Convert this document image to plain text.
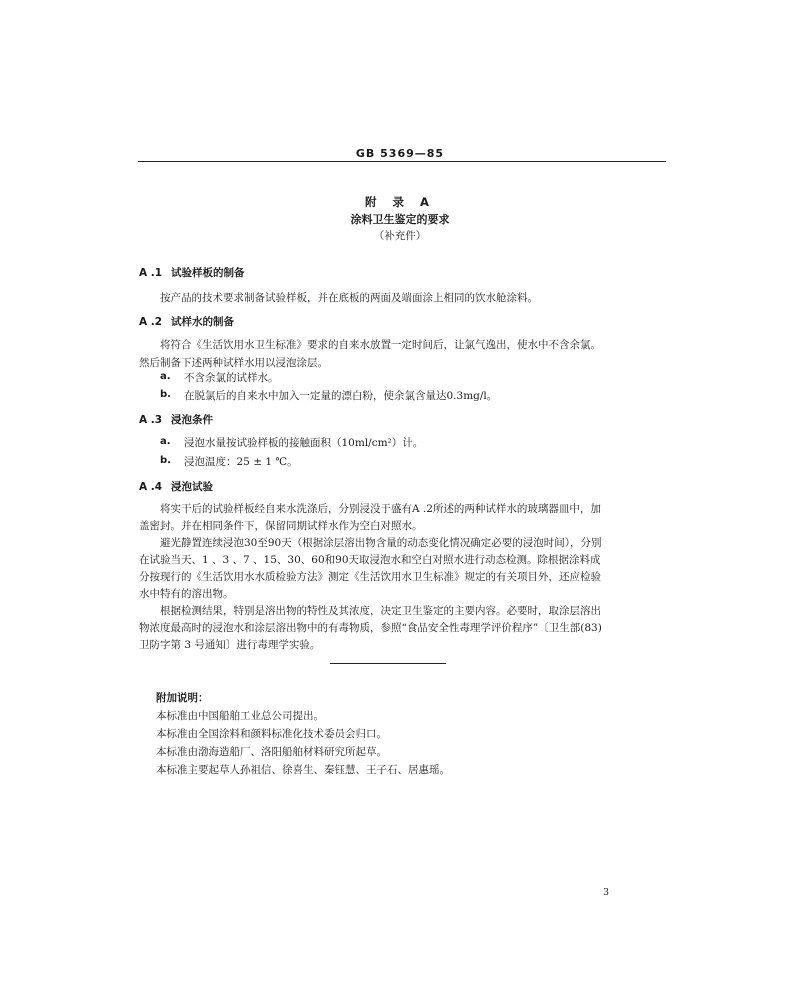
GB 5369—85
附 录 A
涂料卫生鉴定的要求
（补充件）
A .1 试验样板的制备
按产品的技术要求制备试验样板，并在底板的两面及端面涂上相同的饮水舱涂料。
A .2 试样水的制备
将符合《生活饮用水卫生标准》要求的自来水放置一定时间后，让氯气逸出，使水中不含余氯。
然后制备下述两种试样水用以浸泡涂层。
a. 不含余氯的试样水。
b. 在脱氯后的自来水中加入一定量的漂白粉，使余氯含量达0.3mg/l。
A .3 浸泡条件
a. 浸泡水量按试验样板的接触面积（10ml/cm²）计。
b. 浸泡温度：25 ± 1 ℃。
A .4 浸泡试验
将实干后的试验样板经自来水洗涤后，分别浸没于盛有A .2所述的两种试样水的玻璃器皿中，加
盖密封。并在相同条件下，保留同期试样水作为空白对照水。
避光静置连续浸泡30至90天（根据涂层溶出物含量的动态变化情况确定必要的浸泡时间），分别
在试验当天、1 、3 、7 、15、30、60和90天取浸泡水和空白对照水进行动态检测。除根据涂料成
分按现行的《生活饮用水水质检验方法》测定《生活饮用水卫生标准》规定的有关项目外，还应检验
水中特有的溶出物。
根据检测结果，特别是溶出物的特性及其浓度，决定卫生鉴定的主要内容。必要时，取涂层溶出
物浓度最高时的浸泡水和涂层溶出物中的有毒物质，参照“食品安全性毒理学评价程序”〔卫生部(83)
卫防字第 3 号通知〕进行毒理学实验。
附加说明：
本标准由中国船舶工业总公司提出。
本标准由全国涂料和颜料标准化技术委员会归口。
本标准由渤海造船厂、洛阳船舶材料研究所起草。
本标准主要起草人孙祖信、徐喜生、秦钰慧、王子石、居惠瑶。
3
